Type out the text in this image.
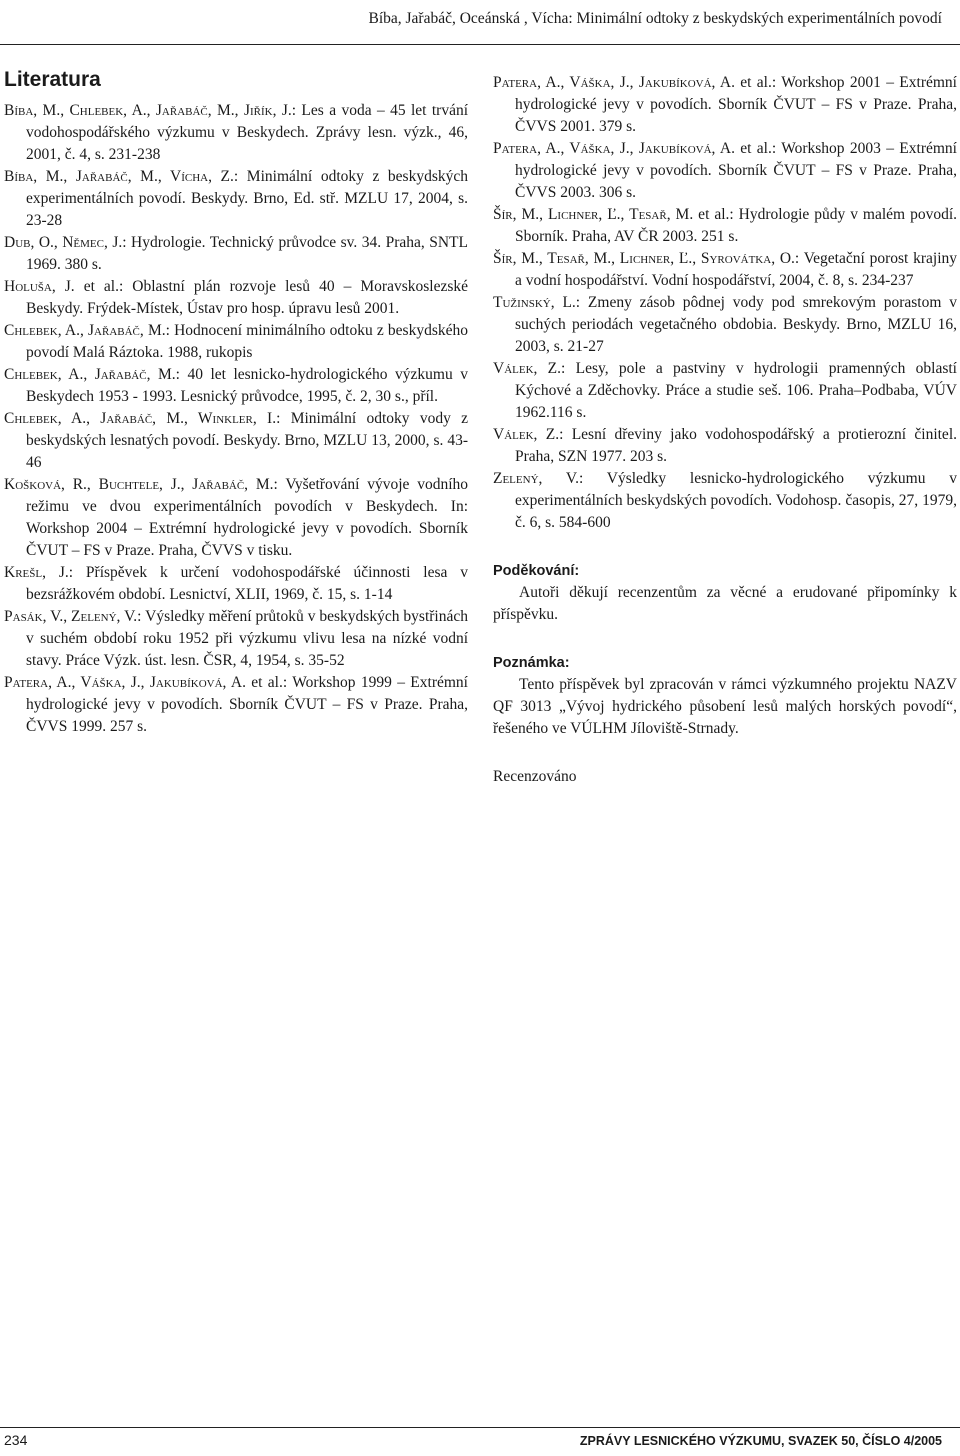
Bíba, Jařabáč, Oceánská , Vícha: Minimální odtoky z beskydských experimentálních povodí
Literatura

Bíba, M., Chlebek, A., Jařabáč, M., Jiřík, J.: Les a voda – 45 let trvání vodohospodářského výzkumu v Beskydech. Zprávy lesn. výzk., 46, 2001, č. 4, s. 231-238

Bíba, M., Jařabáč, M., Vícha, Z.: Minimální odtoky z beskydských experimentálních povodí. Beskydy. Brno, Ed. stř. MZLU 17, 2004, s. 23-28

Dub, O., Němec, J.: Hydrologie. Technický průvodce sv. 34. Praha, SNTL 1969. 380 s.

Holuša, J. et al.: Oblastní plán rozvoje lesů 40 – Moravskoslezské Beskydy. Frýdek-Místek, Ústav pro hosp. úpravu lesů 2001.

Chlebek, A., Jařabáč, M.: Hodnocení minimálního odtoku z beskydského povodí Malá Ráztoka. 1988, rukopis

Chlebek, A., Jařabáč, M.: 40 let lesnicko-hydrologického výzkumu v Beskydech 1953 - 1993. Lesnický průvodce, 1995, č. 2, 30 s., příl.

Chlebek, A., Jařabáč, M., Winkler, I.: Minimální odtoky vody z beskydských lesnatých povodí. Beskydy. Brno, MZLU 13, 2000, s. 43-46

Košková, R., Buchtele, J., Jařabáč, M.: Vyšetřování vývoje vodního režimu ve dvou experimentálních povodích v Beskydech. In: Workshop 2004 – Extrémní hydrologické jevy v povodích. Sborník ČVUT – FS v Praze. Praha, ČVVS v tisku.

Krešl, J.: Příspěvek k určení vodohospodářské účinnosti lesa v bezsrážkovém období. Lesnictví, XLII, 1969, č. 15, s. 1-14

Pasák, V., Zelený, V.: Výsledky měření průtoků v beskydských bystřinách v suchém období roku 1952 při výzkumu vlivu lesa na nízké vodní stavy. Práce Výzk. úst. lesn. ČSR, 4, 1954, s. 35-52

Patera, A., Váška, J., Jakubíková, A. et al.: Workshop 1999 – Extrémní hydrologické jevy v povodích. Sborník ČVUT – FS v Praze. Praha, ČVVS 1999. 257 s.

Patera, A., Váška, J., Jakubíková, A. et al.: Workshop 2001 – Extrémní hydrologické jevy v povodích. Sborník ČVUT – FS v Praze. Praha, ČVVS 2001. 379 s.

Patera, A., Váška, J., Jakubíková, A. et al.: Workshop 2003 – Extrémní hydrologické jevy v povodích. Sborník ČVUT – FS v Praze. Praha, ČVVS 2003. 306 s.

Šír, M., Lichner, Ľ., Tesař, M. et al.: Hydrologie půdy v malém povodí. Sborník. Praha, AV ČR 2003. 251 s.

Šír, M., Tesař, M., Lichner, Ľ., Syrovátka, O.: Vegetační porost krajiny a vodní hospodářství. Vodní hospodářství, 2004, č. 8, s. 234-237

Tužinský, L.: Zmeny zásob pôdnej vody pod smrekovým porastom v suchých periodách vegetačného obdobia. Beskydy. Brno, MZLU 16, 2003, s. 21-27

Válek, Z.: Lesy, pole a pastviny v hydrologii pramenných oblastí Kýchové a Zděchovky. Práce a studie seš. 106. Praha–Podbaba, VÚV 1962.116 s.

Válek, Z.: Lesní dřeviny jako vodohospodářský a protierozní činitel. Praha, SZN 1977. 203 s.

Zelený, V.: Výsledky lesnicko-hydrologického výzkumu v experimentálních beskydských povodích. Vodohosp. časopis, 27, 1979, č. 6, s. 584-600

Poděkování:

Autoři děkují recenzentům za věcné a erudované připomínky k příspěvku.

Poznámka:

Tento příspěvek byl zpracován v rámci výzkumného projektu NAZV QF 3013 „Vývoj hydrického působení lesů malých horských povodí“, řešeného ve VÚLHM Jíloviště-Strnady.

Recenzováno
234	ZPRÁVY LESNICKÉHO VÝZKUMU, SVAZEK 50, ČÍSLO 4/2005
